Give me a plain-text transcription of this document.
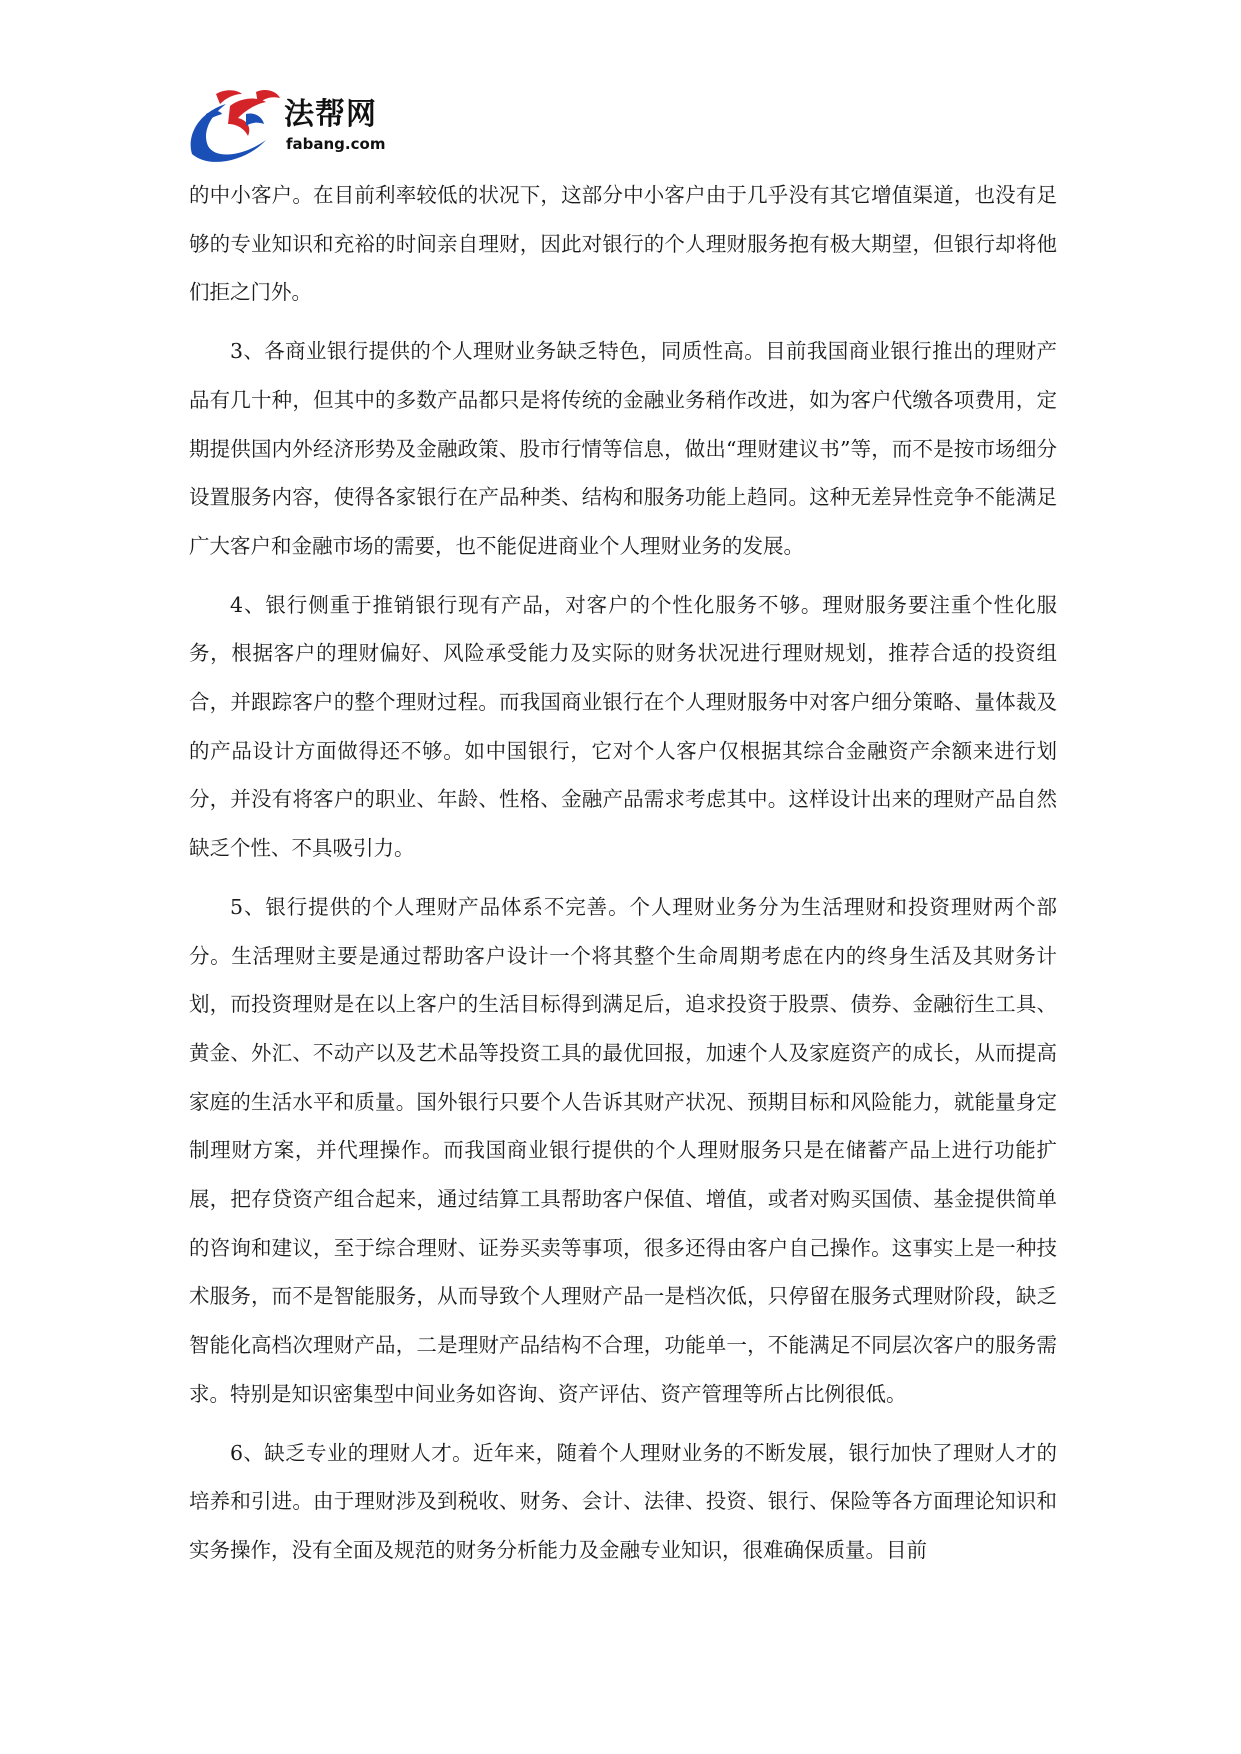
法帮网
fabang.com

的中小客户。在目前利率较低的状况下，这部分中小客户由于几乎没有其它增值渠道，也没有足够的专业知识和充裕的时间亲自理财，因此对银行的个人理财服务抱有极大期望，但银行却将他们拒之门外。

3、各商业银行提供的个人理财业务缺乏特色，同质性高。目前我国商业银行推出的理财产品有几十种，但其中的多数产品都只是将传统的金融业务稍作改进，如为客户代缴各项费用，定期提供国内外经济形势及金融政策、股市行情等信息，做出“理财建议书”等，而不是按市场细分设置服务内容，使得各家银行在产品种类、结构和服务功能上趋同。这种无差异性竞争不能满足广大客户和金融市场的需要，也不能促进商业个人理财业务的发展。

4、银行侧重于推销银行现有产品，对客户的个性化服务不够。理财服务要注重个性化服务，根据客户的理财偏好、风险承受能力及实际的财务状况进行理财规划，推荐合适的投资组合，并跟踪客户的整个理财过程。而我国商业银行在个人理财服务中对客户细分策略、量体裁及的产品设计方面做得还不够。如中国银行，它对个人客户仅根据其综合金融资产余额来进行划分，并没有将客户的职业、年龄、性格、金融产品需求考虑其中。这样设计出来的理财产品自然缺乏个性、不具吸引力。

5、银行提供的个人理财产品体系不完善。个人理财业务分为生活理财和投资理财两个部分。生活理财主要是通过帮助客户设计一个将其整个生命周期考虑在内的终身生活及其财务计划，而投资理财是在以上客户的生活目标得到满足后，追求投资于股票、债券、金融衍生工具、黄金、外汇、不动产以及艺术品等投资工具的最优回报，加速个人及家庭资产的成长，从而提高家庭的生活水平和质量。国外银行只要个人告诉其财产状况、预期目标和风险能力，就能量身定制理财方案，并代理操作。而我国商业银行提供的个人理财服务只是在储蓄产品上进行功能扩展，把存贷资产组合起来，通过结算工具帮助客户保值、增值，或者对购买国债、基金提供简单的咨询和建议，至于综合理财、证券买卖等事项，很多还得由客户自己操作。这事实上是一种技术服务，而不是智能服务，从而导致个人理财产品一是档次低，只停留在服务式理财阶段，缺乏智能化高档次理财产品，二是理财产品结构不合理，功能单一，不能满足不同层次客户的服务需求。特别是知识密集型中间业务如咨询、资产评估、资产管理等所占比例很低。

6、缺乏专业的理财人才。近年来，随着个人理财业务的不断发展，银行加快了理财人才的培养和引进。由于理财涉及到税收、财务、会计、法律、投资、银行、保险等各方面理论知识和实务操作，没有全面及规范的财务分析能力及金融专业知识，很难确保质量。目前
